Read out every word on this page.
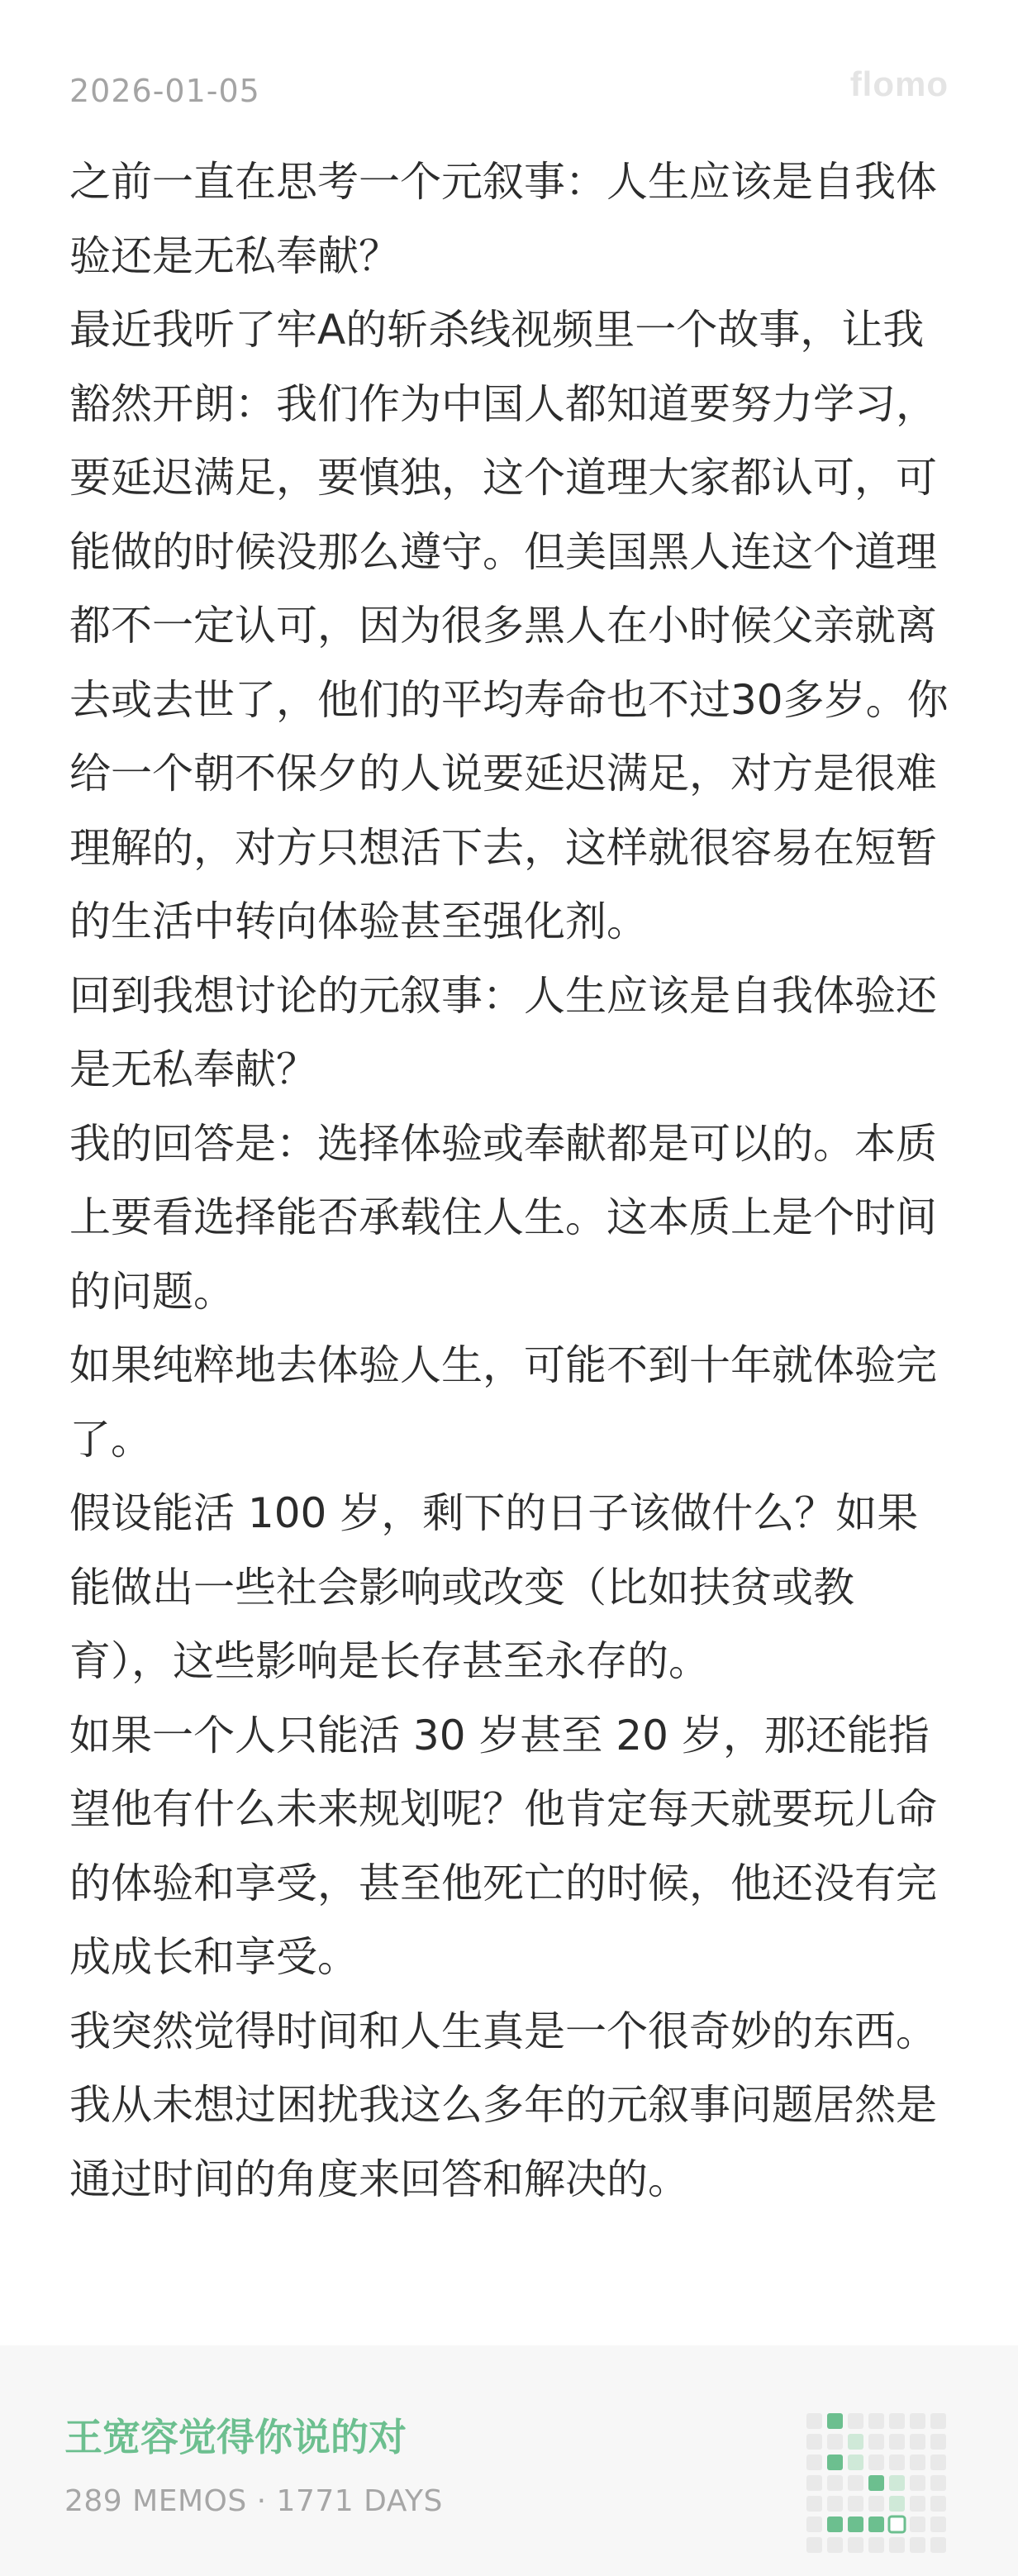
2026-01-05	flomo

之前一直在思考一个元叙事：人生应该是自我体验还是无私奉献？

最近我听了牢A的斩杀线视频里一个故事，让我豁然开朗：我们作为中国人都知道要努力学习，要延迟满足，要慎独，这个道理大家都认可，可能做的时候没那么遵守。但美国黑人连这个道理都不一定认可，因为很多黑人在小时候父亲就离去或去世了，他们的平均寿命也不过30多岁。你给一个朝不保夕的人说要延迟满足，对方是很难理解的，对方只想活下去，这样就很容易在短暂的生活中转向体验甚至强化剂。

回到我想讨论的元叙事：人生应该是自我体验还是无私奉献？

我的回答是：选择体验或奉献都是可以的。本质上要看选择能否承载住人生。这本质上是个时间的问题。

如果纯粹地去体验人生，可能不到十年就体验完了。

假设能活 100 岁，剩下的日子该做什么？如果能做出一些社会影响或改变（比如扶贫或教育），这些影响是长存甚至永存的。

如果一个人只能活 30 岁甚至 20 岁，那还能指望他有什么未来规划呢？他肯定每天就要玩儿命的体验和享受，甚至他死亡的时候，他还没有完成成长和享受。

我突然觉得时间和人生真是一个很奇妙的东西。我从未想过困扰我这么多年的元叙事问题居然是通过时间的角度来回答和解决的。

王宽容觉得你说的对
289 MEMOS · 1771 DAYS
